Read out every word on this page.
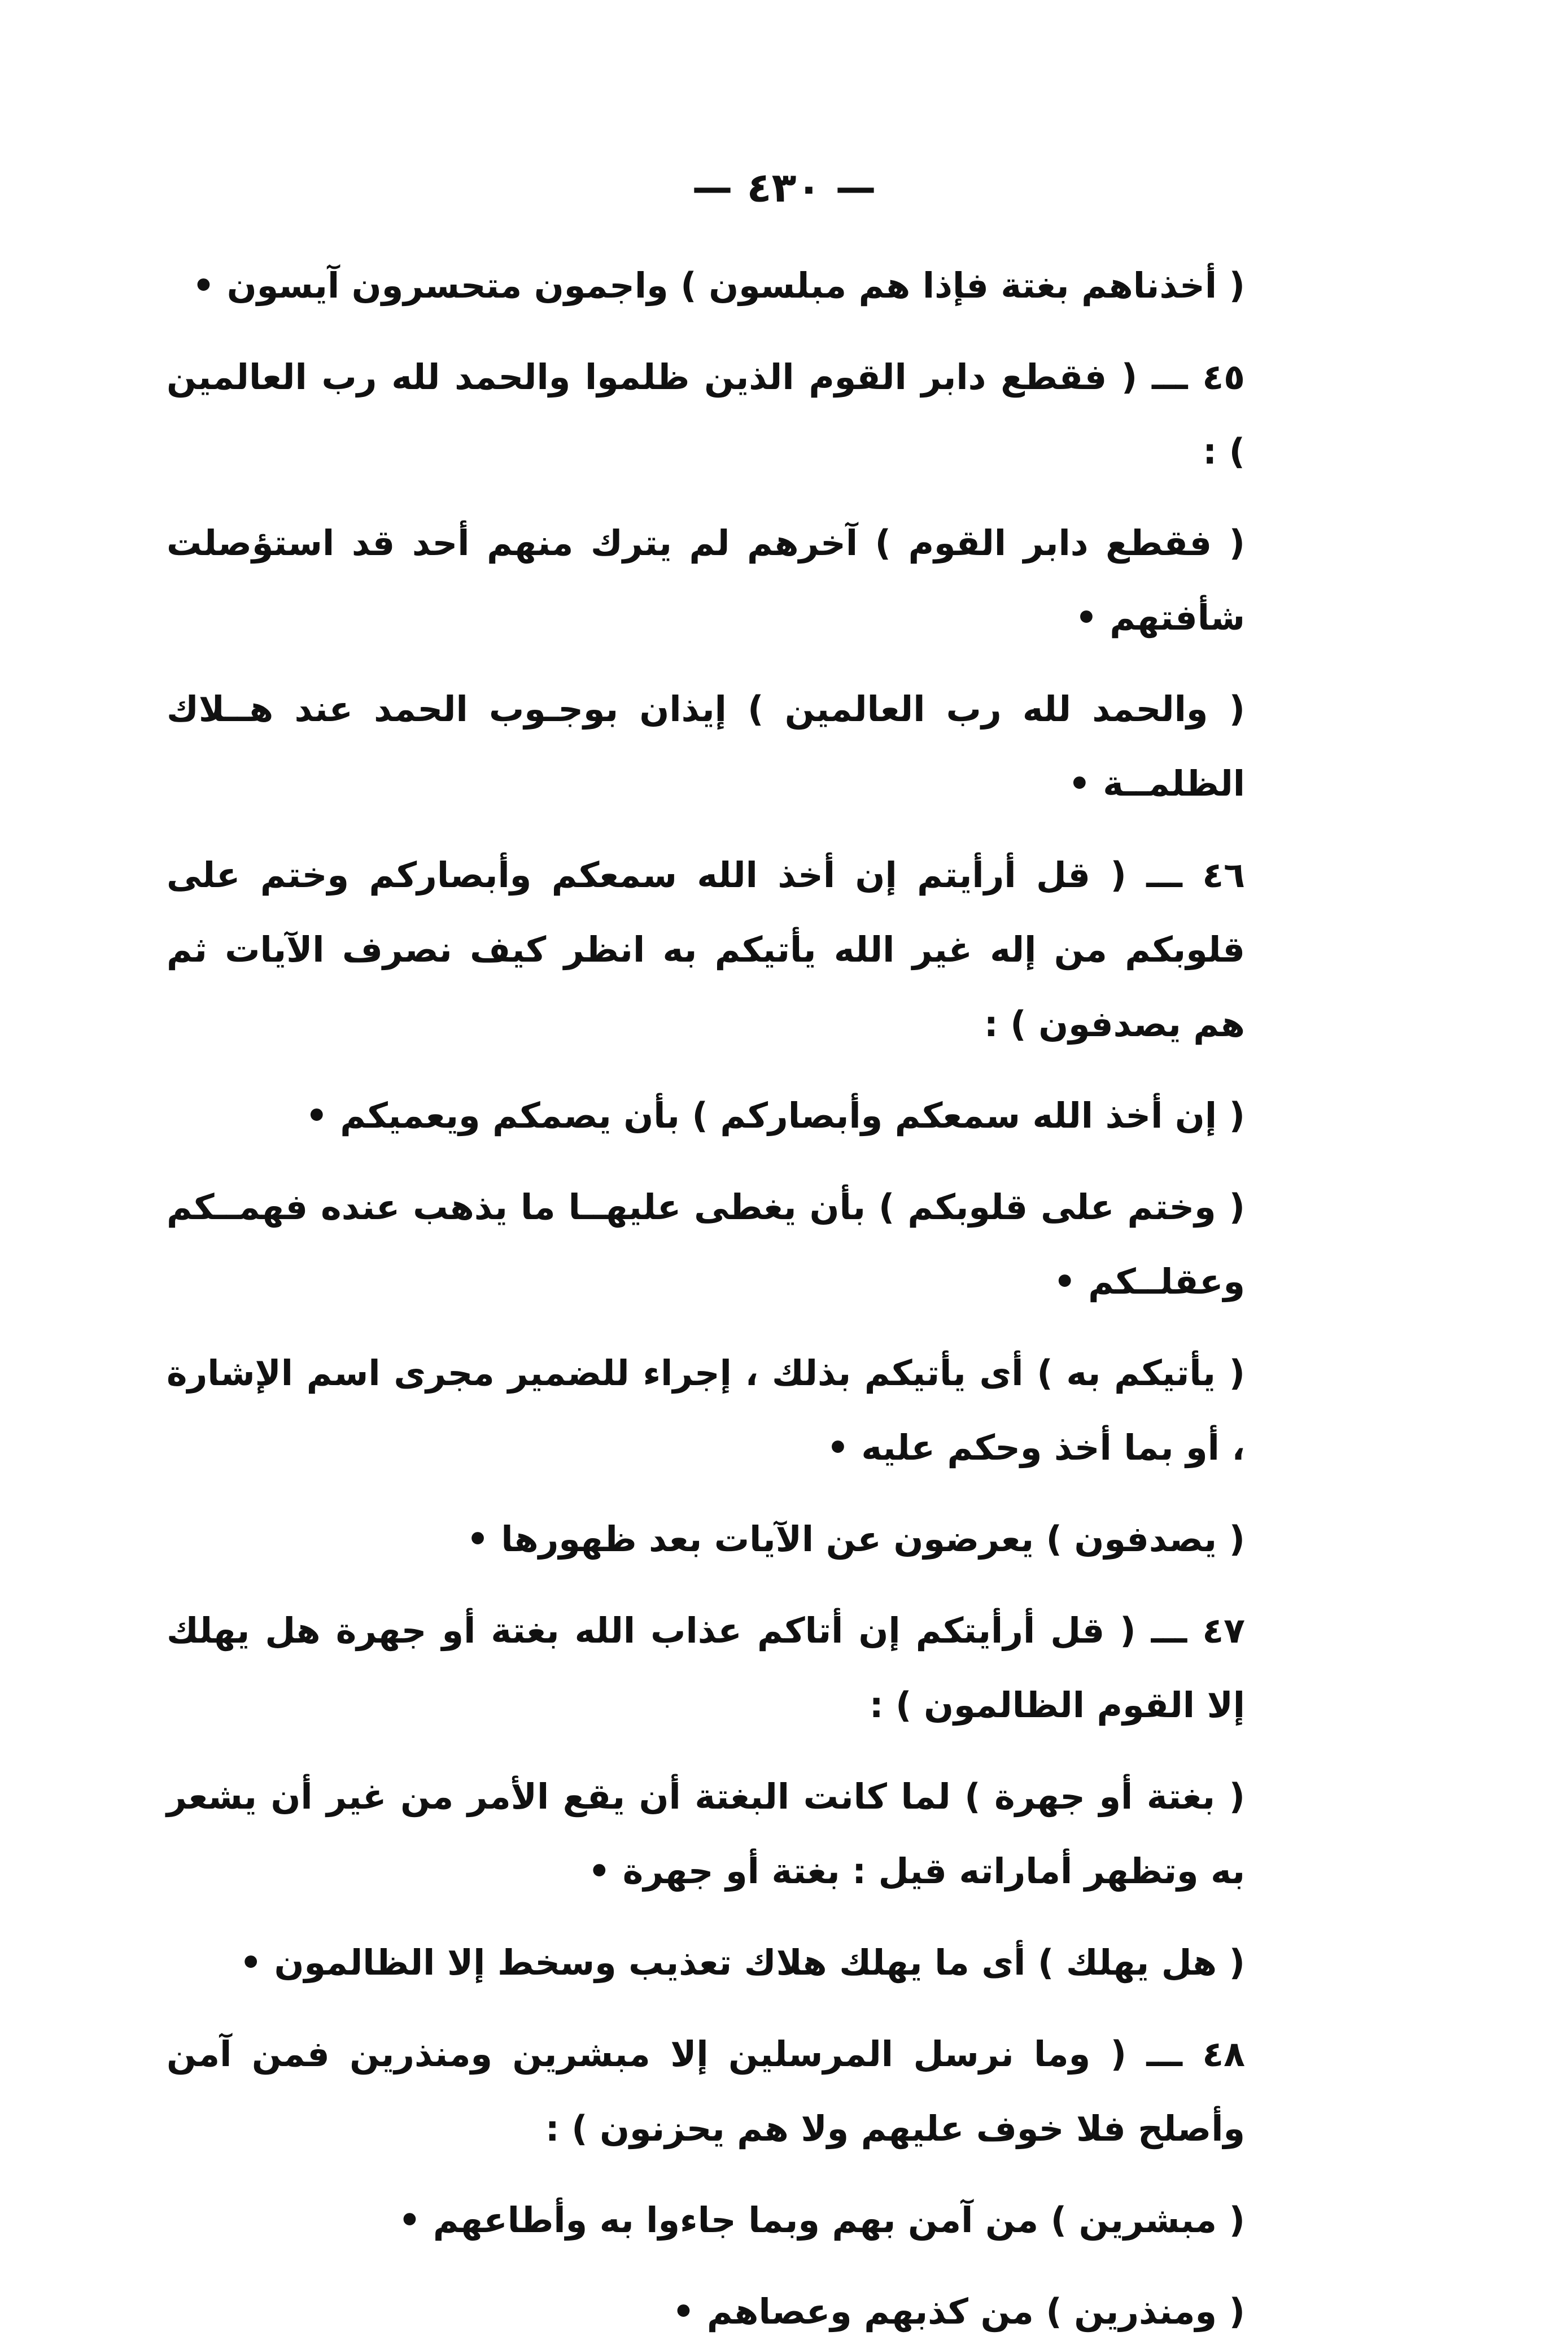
— ٤٣٠ —

( أخذناهم بغتة فإذا هم مبلسون ) واجمون متحسرون آيسون •

٤٥ ـــ ( فقطع دابر القوم الذين ظلموا والحمد لله رب العالمين ) :

( فقطع دابر القوم ) آخرهم لم يترك منهم أحد قد استؤصلت شأفتهم •

( والحمد لله رب العالمين ) إيذان بوجـوب الحمد عند هــلاك الظلمــة •

٤٦ ـــ ( قل أرأيتم إن أخذ الله سمعكم وأبصاركم وختم على قلوبكم من إله غير الله يأتيكم به انظر كيف نصرف الآيات ثم هم يصدفون ) :

( إن أخذ الله سمعكم وأبصاركم ) بأن يصمكم ويعميكم •

( وختم على قلوبكم ) بأن يغطى عليهــا ما يذهب عنده فهمــكم وعقلــكم •

( يأتيكم به ) أى يأتيكم بذلك ، إجراء للضمير مجرى اسم الإشارة ، أو بما أخذ وحكم عليه •

( يصدفون ) يعرضون عن الآيات بعد ظهورها •

٤٧ ـــ ( قل أرأيتكم إن أتاكم عذاب الله بغتة أو جهرة هل يهلك إلا القوم الظالمون ) :

( بغتة أو جهرة ) لما كانت البغتة أن يقع الأمر من غير أن يشعر به وتظهر أماراته قيل : بغتة أو جهرة •

( هل يهلك ) أى ما يهلك هلاك تعذيب وسخط إلا الظالمون •

٤٨ ـــ ( وما نرسل المرسلين إلا مبشرين ومنذرين فمن آمن وأصلح فلا خوف عليهم ولا هم يحزنون ) :

( مبشرين ) من آمن بهم وبما جاءوا به وأطاعهم •

( ومنذرين ) من كذبهم وعصاهم •
